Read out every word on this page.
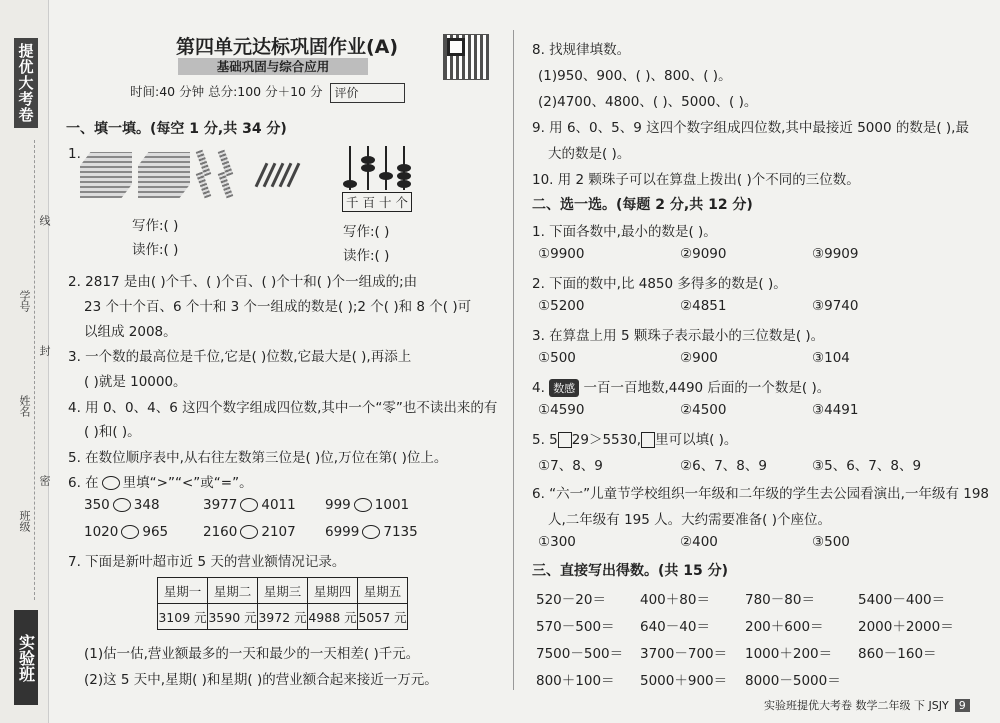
提优大考卷
学号
线
封
姓名
密
班级
实验班
第四单元达标巩固作业(A)
基础巩固与综合应用
时间:40 分钟 总分:100 分＋10 分 评价
一、填一填。(每空 1 分,共 34 分)
1.
千 百 十 个
写作:( )
读作:( )
写作:( )
读作:( )
2. 2817 是由( )个千、( )个百、( )个十和( )个一组成的;由
23 个十个百、6 个十和 3 个一组成的数是( );2 个( )和 8 个( )可
以组成 2008。
3. 一个数的最高位是千位,它是( )位数,它最大是( ),再添上
( )就是 10000。
4. 用 0、0、4、6 这四个数字组成四位数,其中一个“零”也不读出来的有
( )和( )。
5. 在数位顺序表中,从右往左数第三位是( )位,万位在第( )位上。
6. 在 里填“>”“<”或“=”。
350 348	3977 4011 999 1001
1020 965	2160 2107 6999 7135
7. 下面是新叶超市近 5 天的营业额情况记录。
星期一	星期二	星期三	星期四	星期五
3109 元	3590 元	3972 元	4988 元	5057 元
(1)估一估,营业额最多的一天和最少的一天相差( )千元。
(2)这 5 天中,星期( )和星期( )的营业额合起来接近一万元。
8. 找规律填数。
(1)950、900、( )、800、( )。
(2)4700、4800、( )、5000、( )。
9. 用 6、0、5、9 这四个数字组成四位数,其中最接近 5000 的数是( ),最
大的数是( )。
10. 用 2 颗珠子可以在算盘上拨出( )个不同的三位数。
二、选一选。(每题 2 分,共 12 分)
1. 下面各数中,最小的数是( )。
①9900	②9090	③9909
2. 下面的数中,比 4850 多得多的数是( )。
①5200	②4851	③9740
3. 在算盘上用 5 颗珠子表示最小的三位数是( )。
①500	②900	③104
4. 数感 一百一百地数,4490 后面的一个数是( )。
①4590	②4500	③4491
5. 5 29＞5530, 里可以填( )。
①7、8、9	②6、7、8、9	③5、6、7、8、9
6. “六一”儿童节学校组织一年级和二年级的学生去公园看演出,一年级有 198
人,二年级有 195 人。大约需要准备( )个座位。
①300	②400	③500
三、直接写出得数。(共 15 分)
520－20＝	400＋80＝	780－80＝	5400－400＝
570－500＝ 640－40＝	200＋600＝	2000＋2000＝
7500－500＝ 3700－700＝ 1000＋200＝ 860－160＝
800＋100＝ 5000＋900＝ 8000－5000＝
实验班提优大考卷 数学二年级 下 JSJY 9
